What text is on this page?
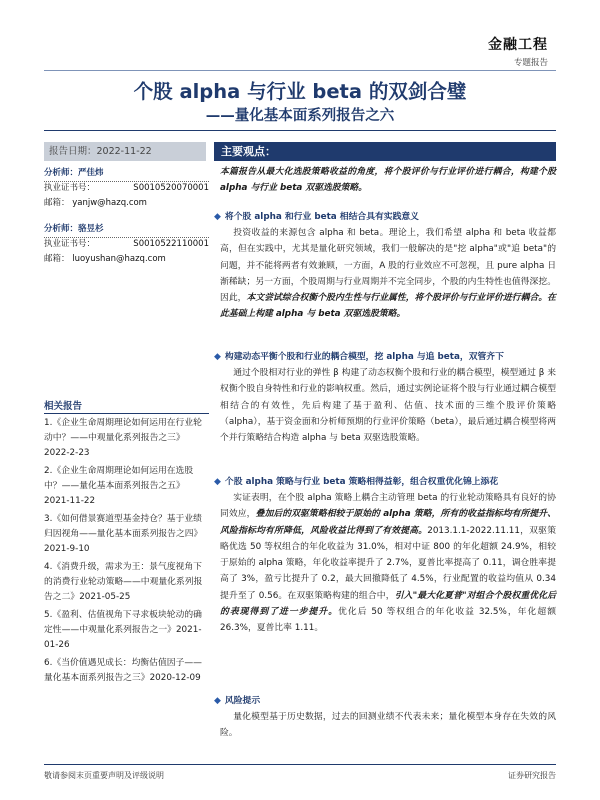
金融工程
专题报告
个股 alpha 与行业 beta 的双剑合璧
——量化基本面系列报告之六
报告日期：2022-11-22
分析师：严佳炜
执业证书号：	S0010520070001
邮箱： yanjw@hazq.com
分析师：骆昱杉
执业证书号：	S0010522110001
邮箱： luoyushan@hazq.com
相关报告

1.《企业生命周期理论如何运用在行业轮动中？——中观量化系列报告之三》2022-2-23

2.《企业生命周期理论如何运用在选股中？——量化基本面系列报告之五》2021-11-22

3.《如何借景赛道型基金持仓？基于业绩归因视角——量化基本面系列报告之四》2021-9-10

4.《消费升级，需求为王：景气度视角下的消费行业轮动策略——中观量化系列报告之二》2021-05-25

5.《盈利、估值视角下寻求板块轮动的确定性——中观量化系列报告之一》2021-01-26

6.《当价值遇见成长：均衡估值因子——量化基本面系列报告之三》2020-12-09

主要观点：

本篇报告从最大化选股策略收益的角度，将个股评价与行业评价进行耦合，构建个股 alpha 与行业 beta 双驱选股策略。

◆ 将个股 alpha 和行业 beta 相结合具有实践意义

投资收益的来源包含 alpha 和 beta。理论上，我们希望 alpha 和 beta 收益都高，但在实践中，尤其是量化研究领域，我们一般解决的是"挖 alpha"或"追 beta"的问题，并不能将两者有效兼顾，一方面，A 股的行业效应不可忽视，且 pure alpha 日渐稀缺；另一方面，个股周期与行业周期并不完全同步，个股的内生特性也值得深挖。因此，本文尝试综合权衡个股内生性与行业属性，将个股评价与行业评价进行耦合。在此基础上构建 alpha 与 beta 双驱选股策略。

◆ 构建动态平衡个股和行业的耦合模型，挖 alpha 与追 beta，双管齐下

通过个股相对行业的弹性 β 构建了动态权衡个股和行业的耦合模型，模型通过 β 来权衡个股自身特性和行业的影响权重。然后，通过实例论证将个股与行业通过耦合模型相结合的有效性，先后构建了基于盈利、估值、技术面的三维个股评价策略（alpha），基于资金面和分析师预期的行业评价策略（beta），最后通过耦合模型将两个并行策略结合构造 alpha 与 beta 双驱选股策略。

◆ 个股 alpha 策略与行业 beta 策略相得益彰，组合权重优化锦上添花

实证表明，在个股 alpha 策略上耦合主动管理 beta 的行业轮动策略具有良好的协同效应，叠加后的双驱策略相较于原始的 alpha 策略，所有的收益指标均有所提升、风险指标均有所降低，风险收益比得到了有效提高。2013.1.1-2022.11.11，双驱策略优选 50 等权组合的年化收益为 31.0%，相对中证 800 的年化超额 24.9%，相较于原始的 alpha 策略，年化收益率提升了 2.7%，夏普比率提高了 0.11，调仓胜率提高了 3%，盈亏比提升了 0.2，最大回撤降低了 4.5%，行业配置的收益均值从 0.34 提升至了 0.56。在双驱策略构建的组合中，引入"最大化夏普"对组合个股权重优化后的表现得到了进一步提升。优化后 50 等权组合的年化收益 32.5%，年化超额 26.3%，夏普比率 1.11。

◆ 风险提示

量化模型基于历史数据，过去的回测业绩不代表未来；量化模型本身存在失效的风险。

敬请参阅末页重要声明及评级说明	证券研究报告
